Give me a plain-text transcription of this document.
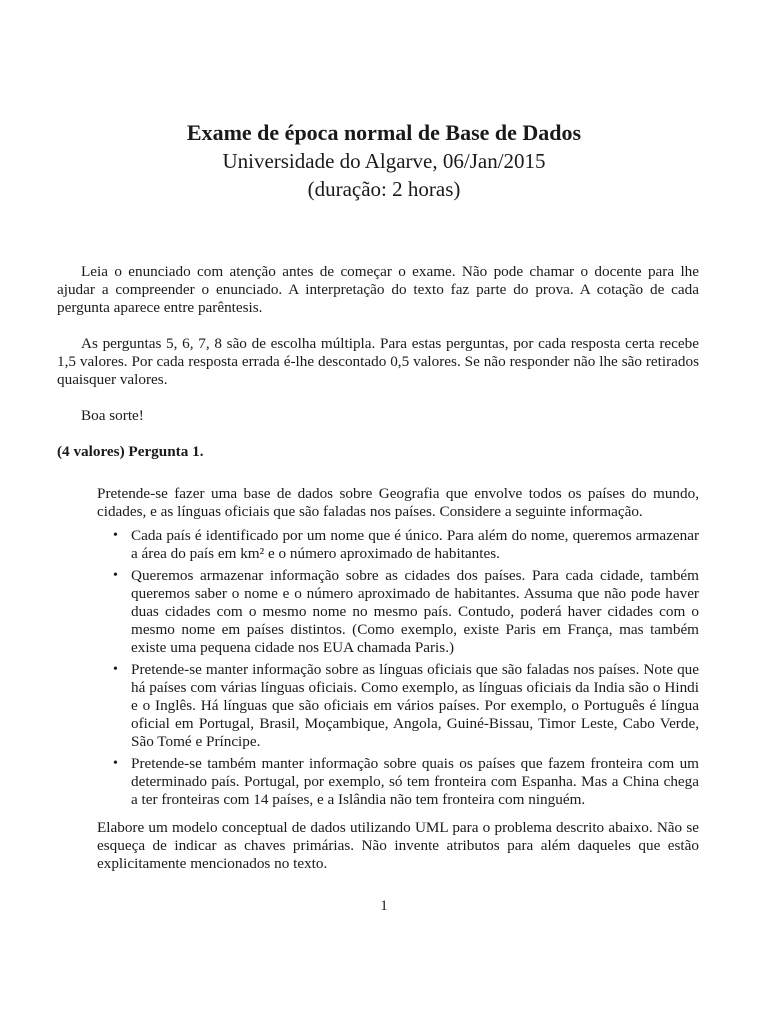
Exame de época normal de Base de Dados

Universidade do Algarve, 06/Jan/2015

(duração: 2 horas)

Leia o enunciado com atenção antes de começar o exame. Não pode chamar o docente para lhe ajudar a compreender o enunciado. A interpretação do texto faz parte do prova. A cotação de cada pergunta aparece entre parêntesis.

As perguntas 5, 6, 7, 8 são de escolha múltipla. Para estas perguntas, por cada resposta certa recebe 1,5 valores. Por cada resposta errada é-lhe descontado 0,5 valores. Se não responder não lhe são retirados quaisquer valores.

Boa sorte!

(4 valores) Pergunta 1.

Pretende-se fazer uma base de dados sobre Geografia que envolve todos os países do mundo, cidades, e as línguas oficiais que são faladas nos países. Considere a seguinte informação.

• Cada país é identificado por um nome que é único. Para além do nome, queremos armazenar a área do país em km² e o número aproximado de habitantes.
• Queremos armazenar informação sobre as cidades dos países. Para cada cidade, também queremos saber o nome e o número aproximado de habitantes. Assuma que não pode haver duas cidades com o mesmo nome no mesmo país. Contudo, poderá haver cidades com o mesmo nome em países distintos. (Como exemplo, existe Paris em França, mas também existe uma pequena cidade nos EUA chamada Paris.)
• Pretende-se manter informação sobre as línguas oficiais que são faladas nos países. Note que há países com várias línguas oficiais. Como exemplo, as línguas oficiais da India são o Hindi e o Inglês. Há línguas que são oficiais em vários países. Por exemplo, o Português é língua oficial em Portugal, Brasil, Moçambique, Angola, Guiné-Bissau, Timor Leste, Cabo Verde, São Tomé e Príncipe.
• Pretende-se também manter informação sobre quais os países que fazem fronteira com um determinado país. Portugal, por exemplo, só tem fronteira com Espanha. Mas a China chega a ter fronteiras com 14 países, e a Islândia não tem fronteira com ninguém.

Elabore um modelo conceptual de dados utilizando UML para o problema descrito abaixo. Não se esqueça de indicar as chaves primárias. Não invente atributos para além daqueles que estão explicitamente mencionados no texto.

1
